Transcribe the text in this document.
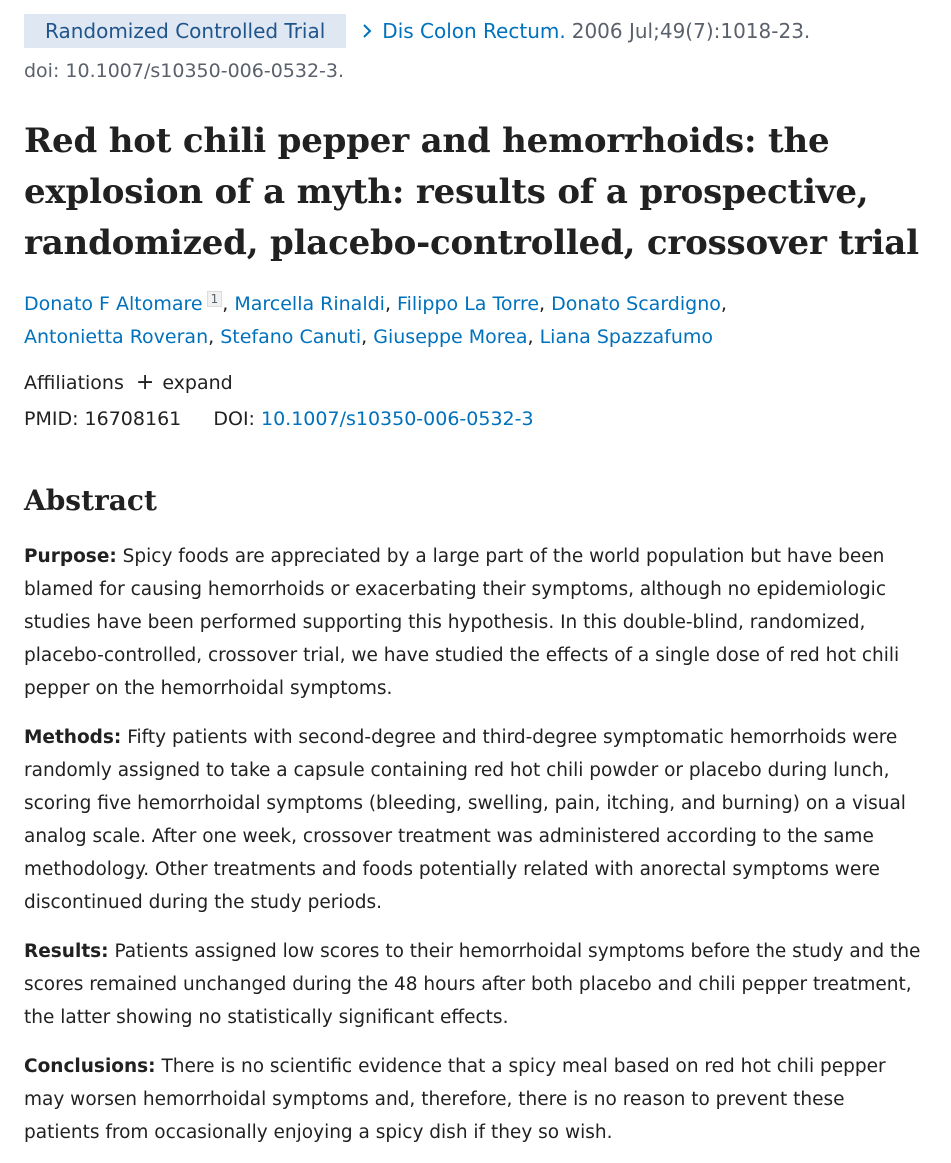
Randomized Controlled Trial	Dis Colon Rectum. 2006 Jul;49(7):1018-23.
doi: 10.1007/s10350-006-0532-3.
Red hot chili pepper and hemorrhoids: the explosion of a myth: results of a prospective, randomized, placebo-controlled, crossover trial
Donato F Altomare 1 , Marcella Rinaldi, Filippo La Torre, Donato Scardigno,
Antonietta Roveran, Stefano Canuti, Giuseppe Morea, Liana Spazzafumo
Affiliations + expand
PMID: 16708161 DOI: 10.1007/s10350-006-0532-3
Abstract

Purpose: Spicy foods are appreciated by a large part of the world population but have been blamed for causing hemorrhoids or exacerbating their symptoms, although no epidemiologic studies have been performed supporting this hypothesis. In this double-blind, randomized, placebo-controlled, crossover trial, we have studied the effects of a single dose of red hot chili pepper on the hemorrhoidal symptoms.

Methods: Fifty patients with second-degree and third-degree symptomatic hemorrhoids were randomly assigned to take a capsule containing red hot chili powder or placebo during lunch, scoring five hemorrhoidal symptoms (bleeding, swelling, pain, itching, and burning) on a visual analog scale. After one week, crossover treatment was administered according to the same methodology. Other treatments and foods potentially related with anorectal symptoms were discontinued during the study periods.

Results: Patients assigned low scores to their hemorrhoidal symptoms before the study and the scores remained unchanged during the 48 hours after both placebo and chili pepper treatment, the latter showing no statistically significant effects.

Conclusions: There is no scientific evidence that a spicy meal based on red hot chili pepper may worsen hemorrhoidal symptoms and, therefore, there is no reason to prevent these patients from occasionally enjoying a spicy dish if they so wish.
